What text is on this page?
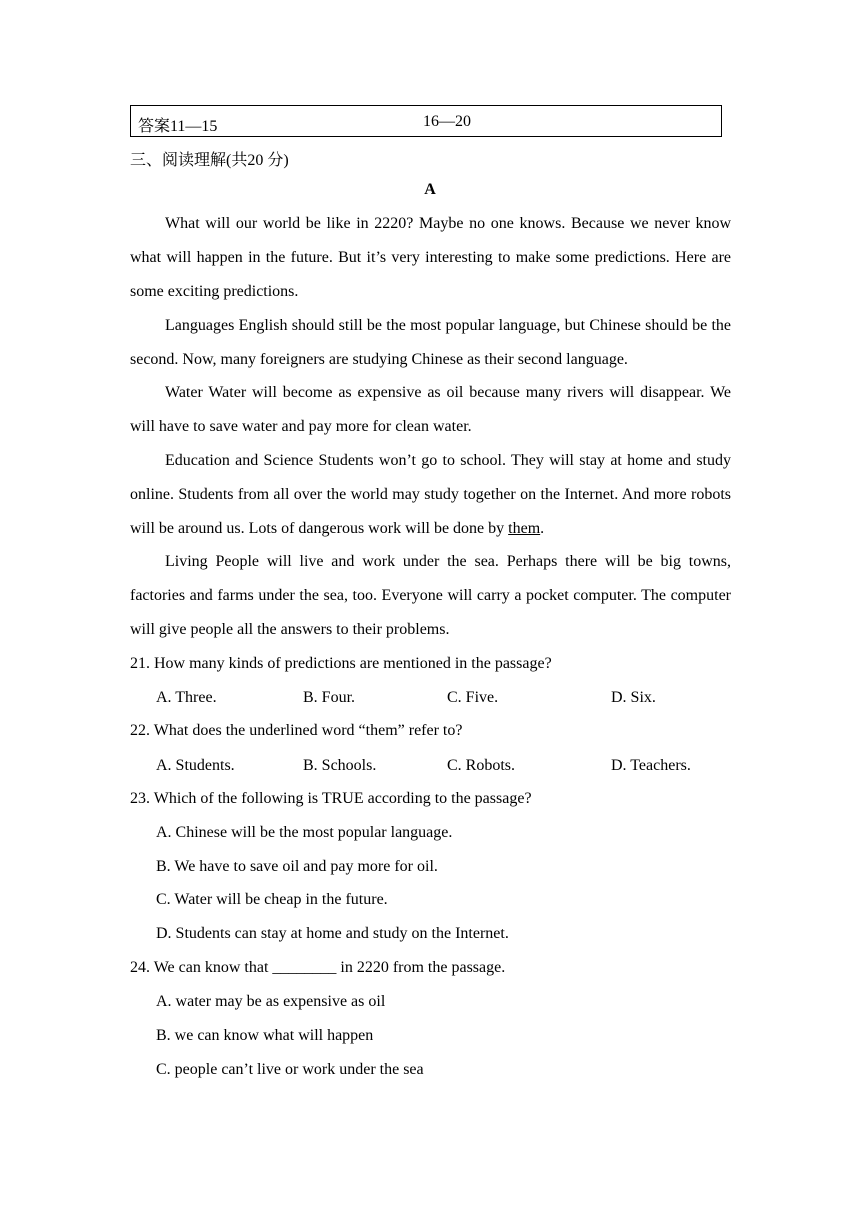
答案11—15	16—20
三、阅读理解(共20 分)
A
What will our world be like in 2220? Maybe no one knows. Because we never know what will happen in the future. But it’s very interesting to make some predictions. Here are some exciting predictions.
Languages English should still be the most popular language, but Chinese should be the second. Now, many foreigners are studying Chinese as their second language.
Water Water will become as expensive as oil because many rivers will disappear. We will have to save water and pay more for clean water.
Education and Science Students won’t go to school. They will stay at home and study online. Students from all over the world may study together on the Internet. And more robots will be around us. Lots of dangerous work will be done by them.
Living People will live and work under the sea. Perhaps there will be big towns, factories and farms under the sea, too. Everyone will carry a pocket computer. The computer will give people all the answers to their problems.
21. How many kinds of predictions are mentioned in the passage?
A. Three.	B. Four.	C. Five.	D. Six.
22. What does the underlined word “them” refer to?
A. Students.	B. Schools.	C. Robots.	D. Teachers.
23. Which of the following is TRUE according to the passage?
A. Chinese will be the most popular language.
B. We have to save oil and pay more for oil.
C. Water will be cheap in the future.
D. Students can stay at home and study on the Internet.
24. We can know that ________ in 2220 from the passage.
A. water may be as expensive as oil
B. we can know what will happen
C. people can’t live or work under the sea
